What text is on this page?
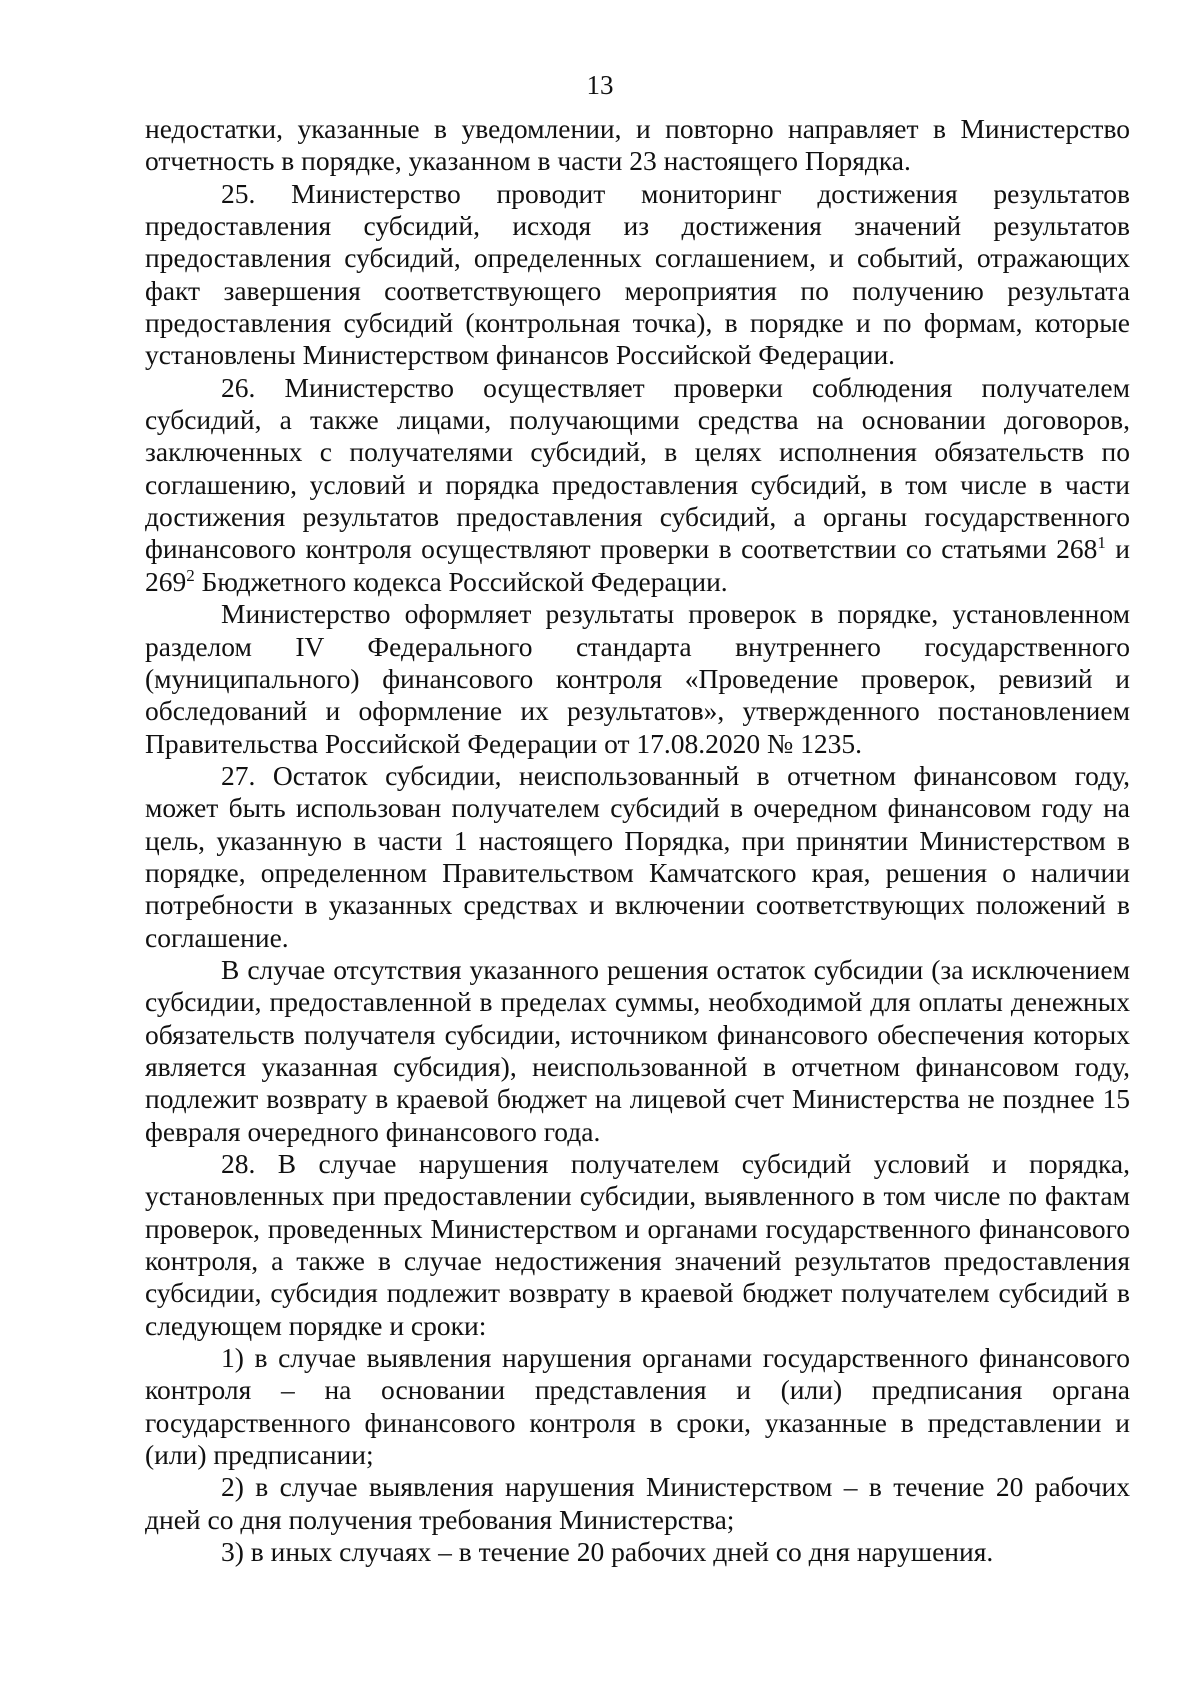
13

недостатки, указанные в уведомлении, и повторно направляет в Министерство отчетность в порядке, указанном в части 23 настоящего Порядка.

25. Министерство проводит мониторинг достижения результатов предоставления субсидий, исходя из достижения значений результатов предоставления субсидий, определенных соглашением, и событий, отражающих факт завершения соответствующего мероприятия по получению результата предоставления субсидий (контрольная точка), в порядке и по формам, которые установлены Министерством финансов Российской Федерации.

26. Министерство осуществляет проверки соблюдения получателем субсидий, а также лицами, получающими средства на основании договоров, заключенных с получателями субсидий, в целях исполнения обязательств по соглашению, условий и порядка предоставления субсидий, в том числе в части достижения результатов предоставления субсидий, а органы государственного финансового контроля осуществляют проверки в соответствии со статьями $268^1$ и $269^2$ Бюджетного кодекса Российской Федерации.

Министерство оформляет результаты проверок в порядке, установленном разделом IV Федерального стандарта внутреннего государственного (муниципального) финансового контроля «Проведение проверок, ревизий и обследований и оформление их результатов», утвержденного постановлением Правительства Российской Федерации от 17.08.2020 № 1235.

27. Остаток субсидии, неиспользованный в отчетном финансовом году, может быть использован получателем субсидий в очередном финансовом году на цель, указанную в части 1 настоящего Порядка, при принятии Министерством в порядке, определенном Правительством Камчатского края, решения о наличии потребности в указанных средствах и включении соответствующих положений в соглашение.

В случае отсутствия указанного решения остаток субсидии (за исключением субсидии, предоставленной в пределах суммы, необходимой для оплаты денежных обязательств получателя субсидии, источником финансового обеспечения которых является указанная субсидия), неиспользованной в отчетном финансовом году, подлежит возврату в краевой бюджет на лицевой счет Министерства не позднее 15 февраля очередного финансового года.

28. В случае нарушения получателем субсидий условий и порядка, установленных при предоставлении субсидии, выявленного в том числе по фактам проверок, проведенных Министерством и органами государственного финансового контроля, а также в случае недостижения значений результатов предоставления субсидии, субсидия подлежит возврату в краевой бюджет получателем субсидий в следующем порядке и сроки:

1) в случае выявления нарушения органами государственного финансового контроля – на основании представления и (или) предписания органа государственного финансового контроля в сроки, указанные в представлении и (или) предписании;

2) в случае выявления нарушения Министерством – в течение 20 рабочих дней со дня получения требования Министерства;

3) в иных случаях – в течение 20 рабочих дней со дня нарушения.
